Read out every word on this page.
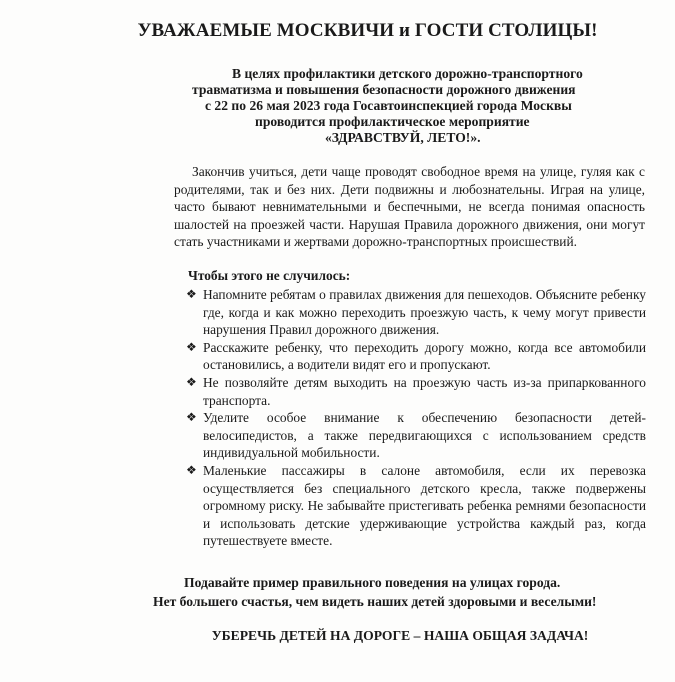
УВАЖАЕМЫЕ МОСКВИЧИ и ГОСТИ СТОЛИЦЫ!
В целях профилактики детского дорожно-транспортного
травматизма и повышения безопасности дорожного движения
с 22 по 26 мая 2023 года Госавтоинспекцией города Москвы
проводится профилактическое мероприятие
«ЗДРАВСТВУЙ, ЛЕТО!».

Закончив учиться, дети чаще проводят свободное время на улице, гуляя как с родителями, так и без них. Дети подвижны и любознательны. Играя на улице, часто бывают невнимательными и беспечными, не всегда понимая опасность шалостей на проезжей части. Нарушая Правила дорожного движения, они могут стать участниками и жертвами дорожно-транспортных происшествий.

Чтобы этого не случилось:
❖ Напомните ребятам о правилах движения для пешеходов. Объясните ребенку где, когда и как можно переходить проезжую часть, к чему могут привести нарушения Правил дорожного движения.
❖ Расскажите ребенку, что переходить дорогу можно, когда все автомобили остановились, а водители видят его и пропускают.
❖ Не позволяйте детям выходить на проезжую часть из-за припаркованного транспорта.
❖ Уделите особое внимание к обеспечению безопасности детей-велосипедистов, а также передвигающихся с использованием средств индивидуальной мобильности.
❖ Маленькие пассажиры в салоне автомобиля, если их перевозка осуществляется без специального детского кресла, также подвержены огромному риску. Не забывайте пристегивать ребенка ремнями безопасности и использовать детские удерживающие устройства каждый раз, когда путешествуете вместе.
Подавайте пример правильного поведения на улицах города.
Нет большего счастья, чем видеть наших детей здоровыми и веселыми!
УБЕРЕЧЬ ДЕТЕЙ НА ДОРОГЕ – НАША ОБЩАЯ ЗАДАЧА!
